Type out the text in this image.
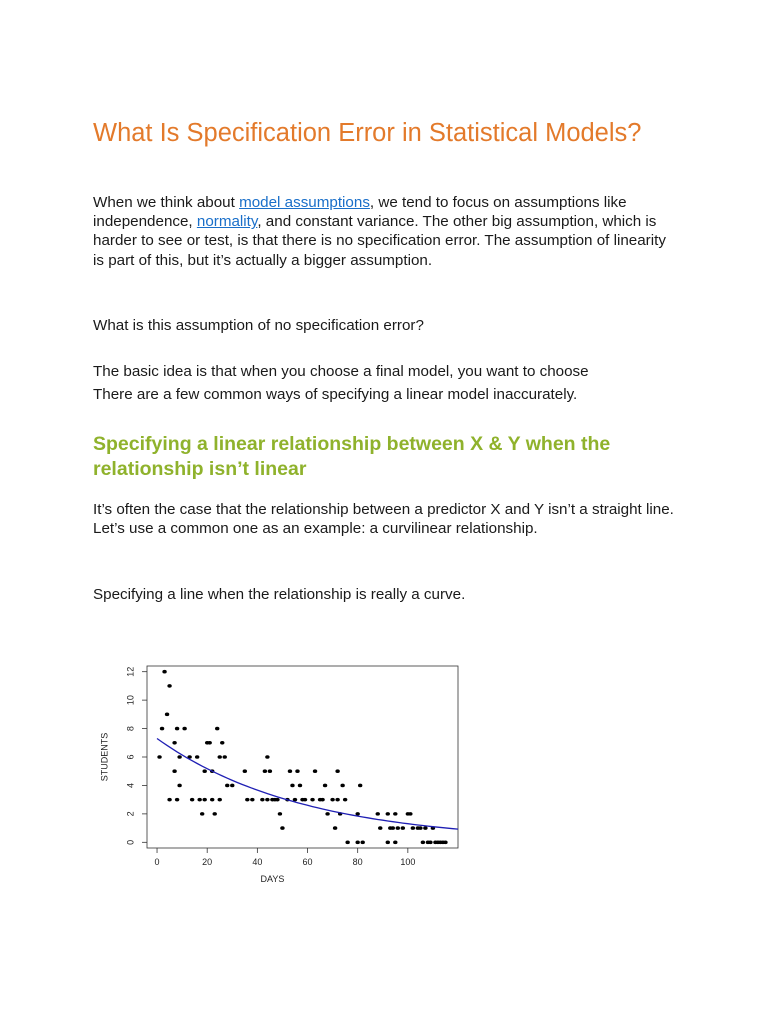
What Is Specification Error in Statistical Models?

When we think about model assumptions, we tend to focus on assumptions like independence, normality, and constant variance. The other big assumption, which is harder to see or test, is that there is no specification error. The assumption of linearity is part of this, but it’s actually a bigger assumption.

What is this assumption of no specification error?

The basic idea is that when you choose a final model, you want to choose

There are a few common ways of specifying a linear model inaccurately.

Specifying a linear relationship between X & Y when the relationship isn’t linear

It’s often the case that the relationship between a predictor X and Y isn’t a straight line. Let’s use a common one as an example: a curvilinear relationship.

Specifying a line when the relationship is really a curve.

0	20	40	60	80	100
0
2
4
6
8
10
12
DAYS
STUDENTS
